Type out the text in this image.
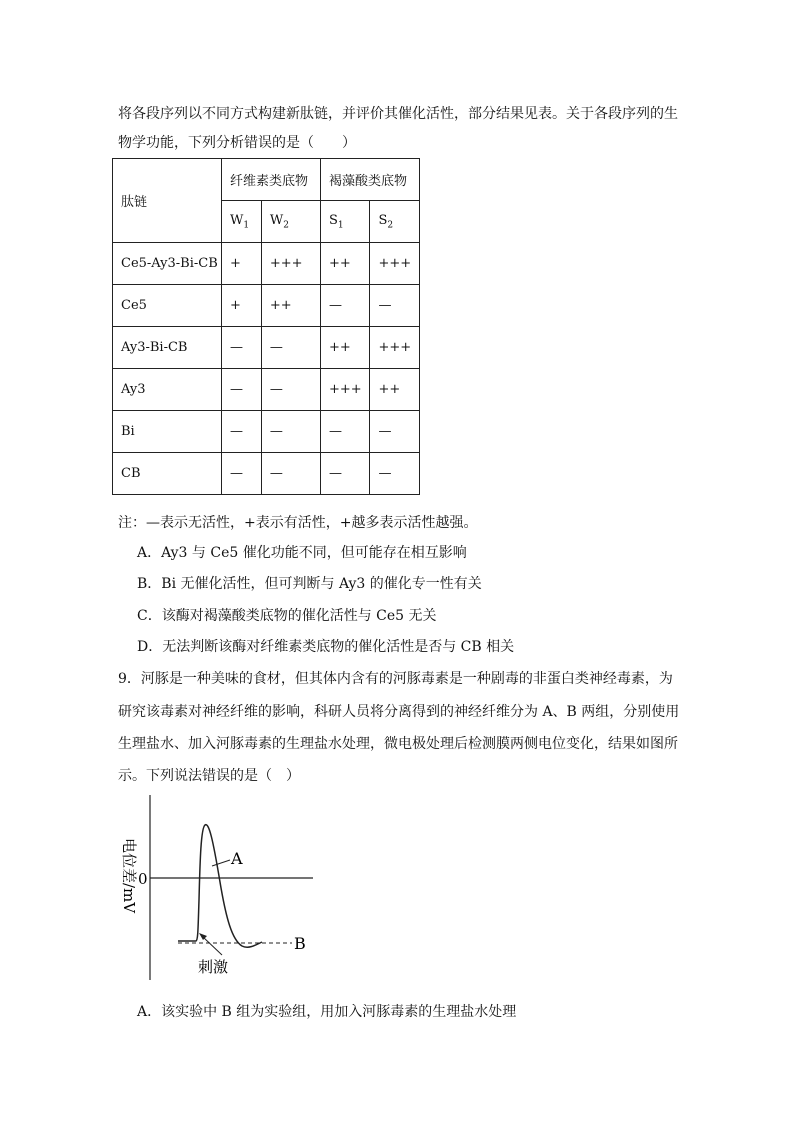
将各段序列以不同方式构建新肽链，并评价其催化活性，部分结果见表。关于各段序列的生
物学功能，下列分析错误的是（　　）
肽链	纤维素类底物		褐藻酸类底物	
	$W_1$	$W_2$	$S_1$	$S_2$
Ce5-Ay3-Bi-CB	+	+++	++	+++
Ce5	+	++	—	—
Ay3-Bi-CB	—	—	++	+++
Ay3	—	—	+++	++
Bi	—	—	—	—
CB	—	—	—	—
注：—表示无活性，+表示有活性，+越多表示活性越强。
A．Ay3 与 Ce5 催化功能不同，但可能存在相互影响
B．Bi 无催化活性，但可判断与 Ay3 的催化专一性有关
C．该酶对褐藻酸类底物的催化活性与 Ce5 无关
D．无法判断该酶对纤维素类底物的催化活性是否与 CB 相关
9．河豚是一种美味的食材，但其体内含有的河豚毒素是一种剧毒的非蛋白类神经毒素，为
研究该毒素对神经纤维的影响，科研人员将分离得到的神经纤维分为 A、B 两组，分别使用
生理盐水、加入河豚毒素的生理盐水处理，微电极处理后检测膜两侧电位变化，结果如图所
示。下列说法错误的是（　）
0
电位差/mV
B
A
刺激
A．该实验中 B 组为实验组，用加入河豚毒素的生理盐水处理
